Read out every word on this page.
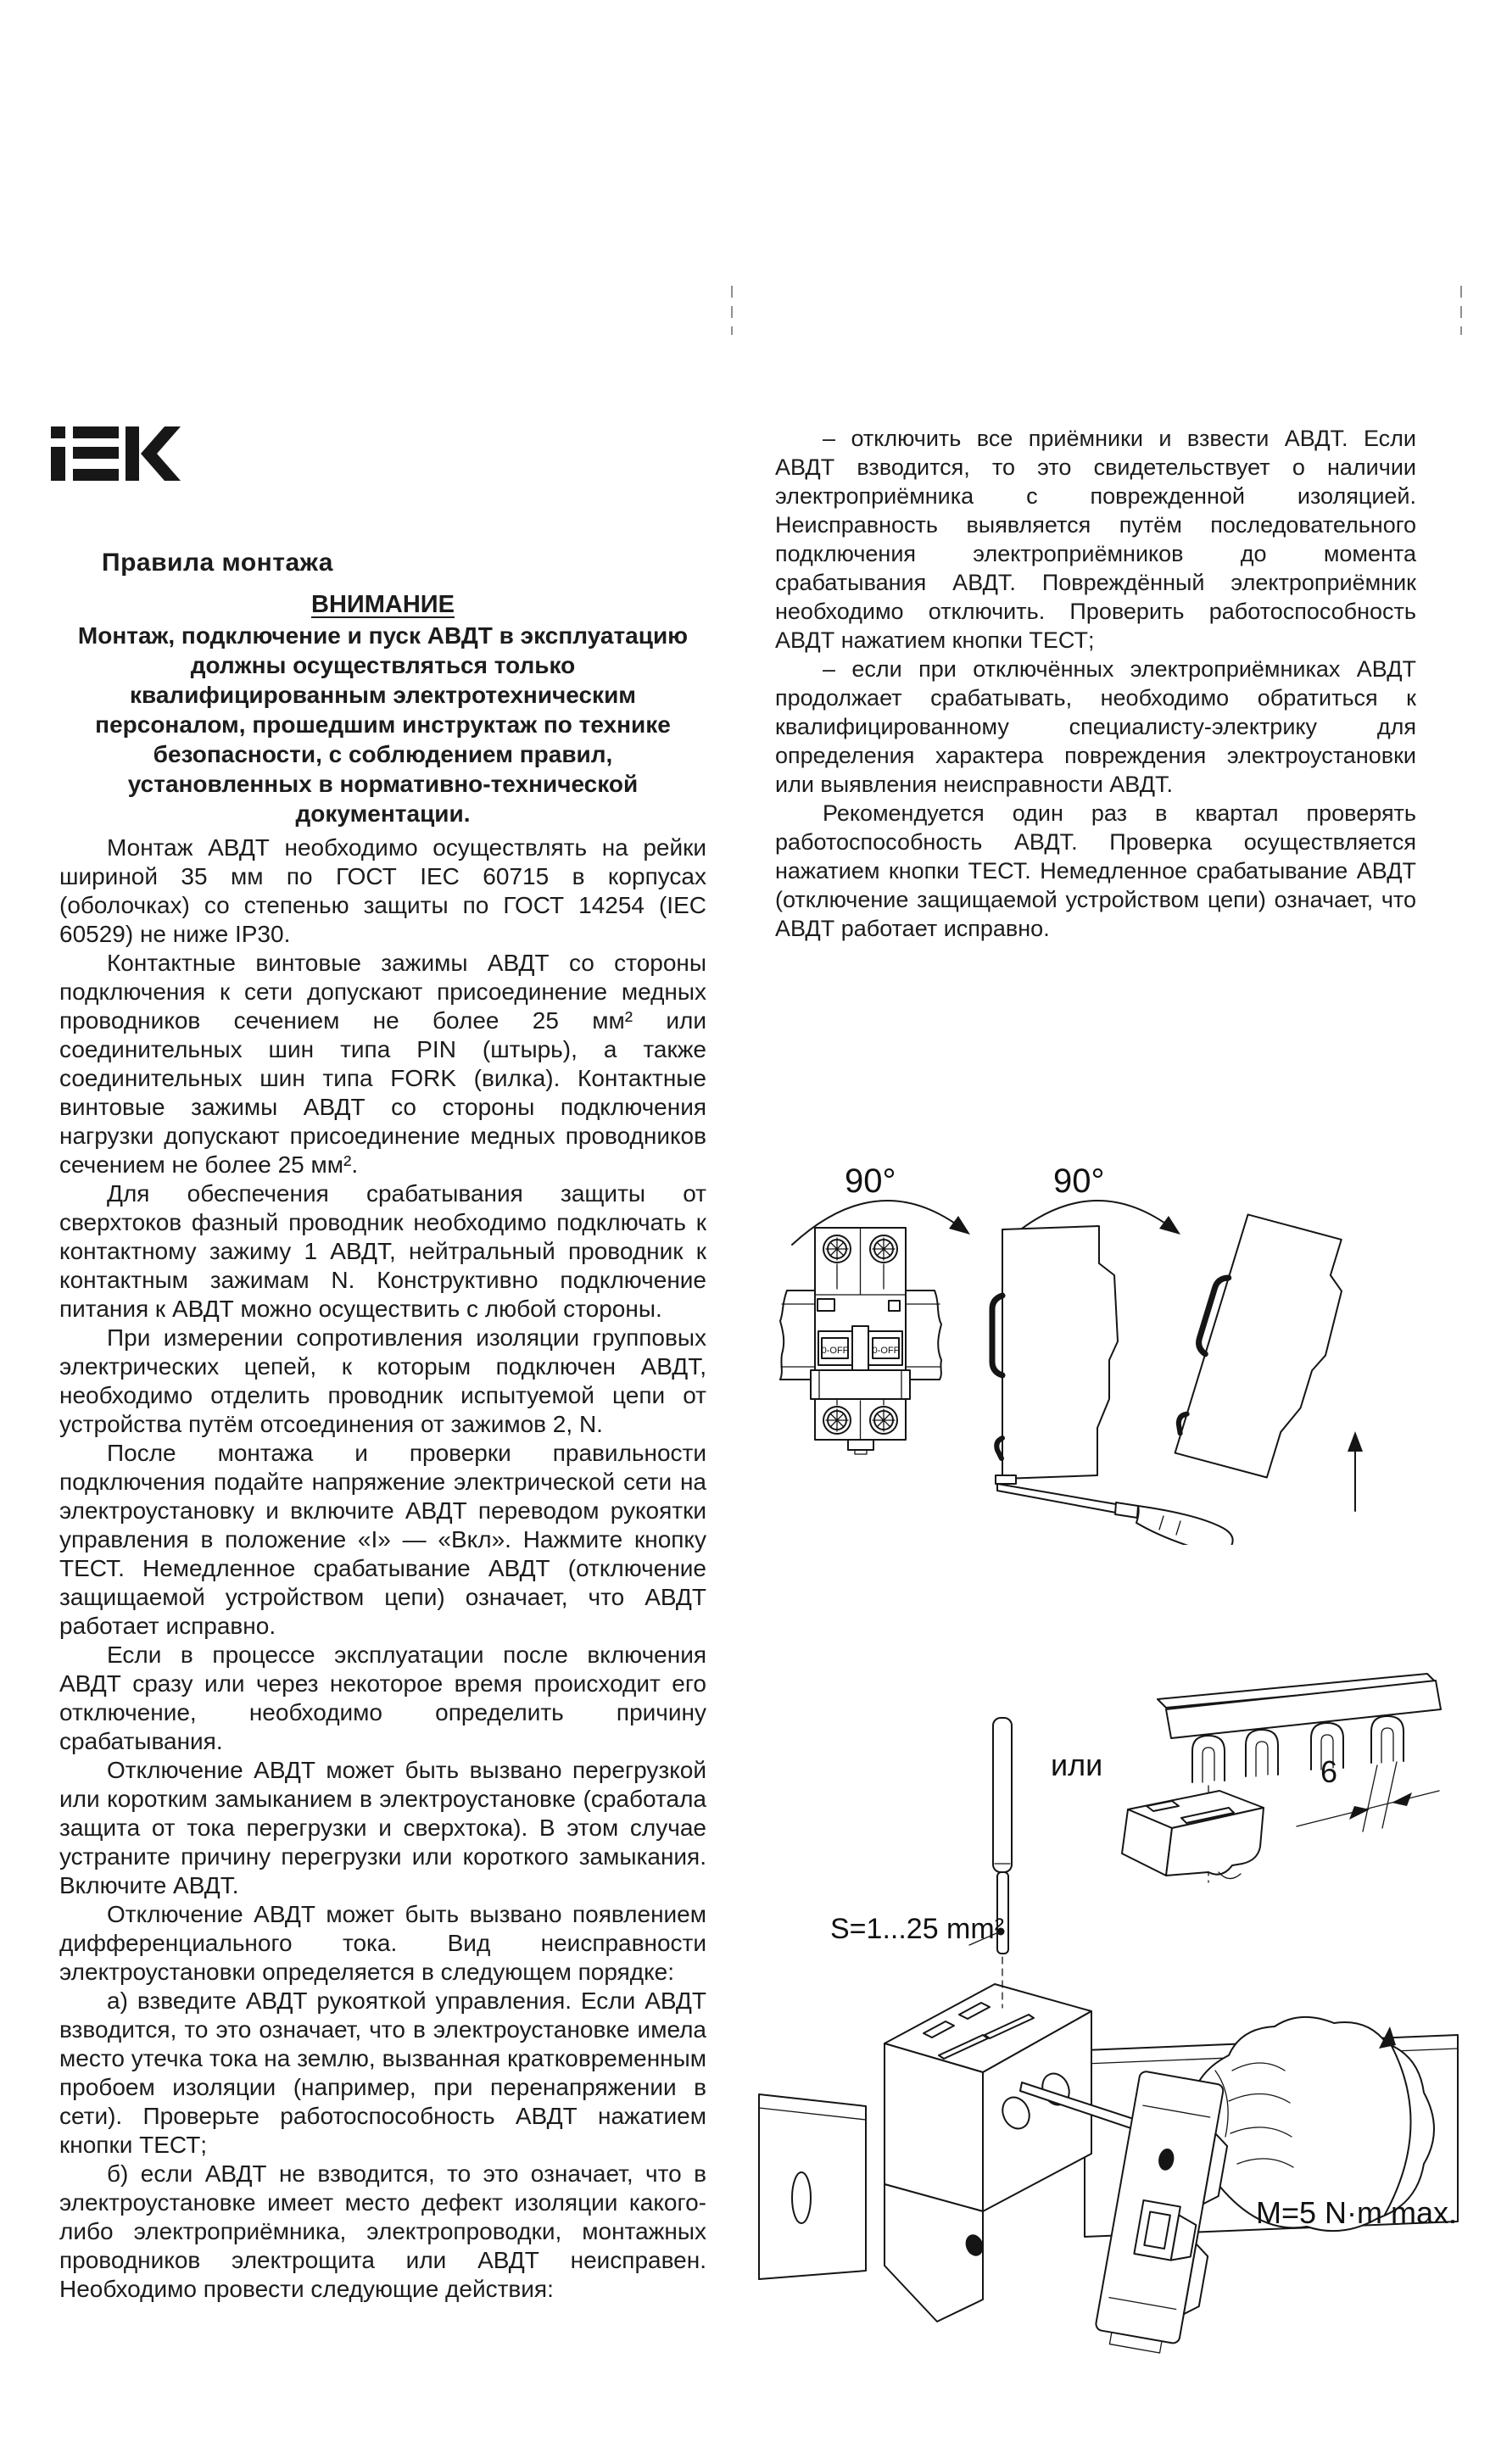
Правила монтажа
ВНИМАНИЕ

Монтаж, подключение и пуск АВДТ в эксплуатацию должны осуществляться только квалифицированным электротехническим персоналом, прошедшим инструктаж по технике безопасности, с соблюдением правил, установленных в нормативно-технической документации.

Монтаж АВДТ необходимо осуществлять на рейки шириной 35 мм по ГОСТ IEC 60715 в корпусах (оболочках) со степенью защиты по ГОСТ 14254 (IEC 60529) не ниже IP30.

Контактные винтовые зажимы АВДТ со стороны подключения к сети допускают присоединение медных проводников сечением не более 25 мм² или соединительных шин типа PIN (штырь), а также соединительных шин типа FORK (вилка). Контактные винтовые зажимы АВДТ со стороны подключения нагрузки допускают присоединение медных проводников сечением не более 25 мм².

Для обеспечения срабатывания защиты от сверхтоков фазный проводник необходимо подключать к контактному зажиму 1 АВДТ, нейтральный проводник к контактным зажимам N. Конструктивно подключение питания к АВДТ можно осуществить с любой стороны.

При измерении сопротивления изоляции групповых электрических цепей, к которым подключен АВДТ, необходимо отделить проводник испытуемой цепи от устройства путём отсоединения от зажимов 2, N.

После монтажа и проверки правильности подключения подайте напряжение электрической сети на электроустановку и включите АВДТ переводом рукоятки управления в положение «I» — «Вкл». Нажмите кнопку ТЕСТ. Немедленное срабатывание АВДТ (отключение защищаемой устройством цепи) означает, что АВДТ работает исправно.

Если в процессе эксплуатации после включения АВДТ сразу или через некоторое время происходит его отключение, необходимо определить причину срабатывания.

Отключение АВДТ может быть вызвано перегрузкой или коротким замыканием в электроустановке (сработала защита от тока перегрузки и сверхтока). В этом случае устраните причину перегрузки или короткого замыкания. Включите АВДТ.

Отключение АВДТ может быть вызвано появлением дифференциального тока. Вид неисправности электроустановки определяется в следующем порядке:

а) взведите АВДТ рукояткой управления. Если АВДТ взводится, то это означает, что в электроустановке имела место утечка тока на землю, вызванная кратковременным пробоем изоляции (например, при перенапряжении в сети). Проверьте работоспособность АВДТ нажатием кнопки ТЕСТ;

б) если АВДТ не взводится, то это означает, что в электроустановке имеет место дефект изоляции какого-либо электроприёмника, электропроводки, монтажных проводников электрощита или АВДТ неисправен. Необходимо провести следующие действия:

– отключить все приёмники и взвести АВДТ. Если АВДТ взводится, то это свидетельствует о наличии электроприёмника с поврежденной изоляцией. Неисправность выявляется путём последовательного подключения электроприёмников до момента срабатывания АВДТ. Повреждённый электроприёмник необходимо отключить. Проверить работоспособность АВДТ нажатием кнопки ТЕСТ;

– если при отключённых электроприёмниках АВДТ продолжает срабатывать, необходимо обратиться к квалифицированному специалисту-электрику для определения характера повреждения электроустановки или выявления неисправности АВДТ.

Рекомендуется один раз в квартал проверять работоспособность АВДТ. Проверка осуществляется нажатием кнопки ТЕСТ. Немедленное срабатывание АВДТ (отключение защищаемой устройством цепи) означает, что АВДТ работает исправно.

0-OFF	0-OFF
90°	90°
S=1...25 mm²
или	6
M=5 N·m max.
